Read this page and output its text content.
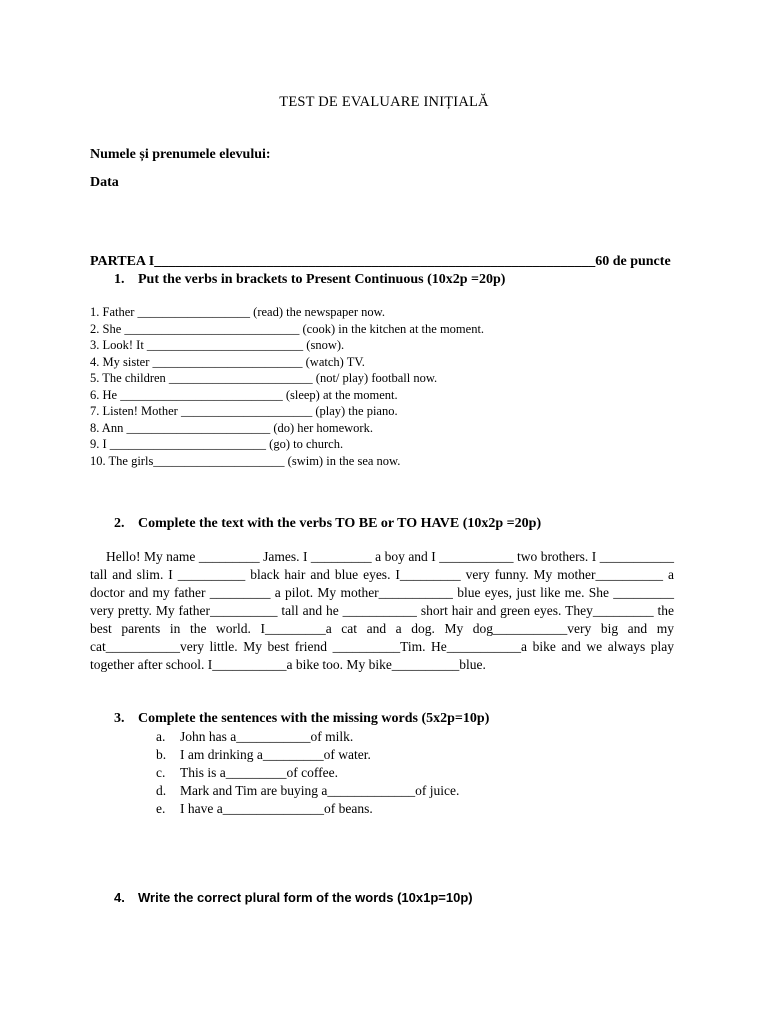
TEST DE EVALUARE INIȚIALĂ
Numele și prenumele elevului:
Data
PARTEA I_______________________________________________________________60 de puncte
1. Put the verbs in brackets to Present Continuous (10x2p =20p)
1. Father __________________ (read) the newspaper now.
2. She ____________________________ (cook) in the kitchen at the moment.
3. Look! It _________________________ (snow).
4. My sister ________________________ (watch) TV.
5. The children _______________________ (not/ play) football now.
6. He __________________________ (sleep) at the moment.
7. Listen! Mother _____________________ (play) the piano.
8. Ann _______________________ (do) her homework.
9. I _________________________ (go) to church.
10. The girls_____________________ (swim) in the sea now.
2. Complete the text with the verbs TO BE or TO HAVE (10x2p =20p)

Hello! My name _________ James. I _________ a boy and I ___________ two brothers. I ___________ tall and slim. I __________ black hair and blue eyes. I_________ very funny. My mother__________ a doctor and my father _________ a pilot. My mother___________ blue eyes, just like me. She _________ very pretty. My father__________ tall and he ___________ short hair and green eyes. They_________ the best parents in the world. I_________a cat and a dog. My dog___________very big and my cat___________very little. My best friend __________Tim. He___________a bike and we always play together after school. I___________a bike too. My bike__________blue.

3. Complete the sentences with the missing words (5x2p=10p)
a.	John has a___________of milk.
b.	I am drinking a_________of water.
c.	This is a_________of coffee.
d.	Mark and Tim are buying a_____________of juice.
e.	I have a_______________of beans.
4. Write the correct plural form of the words (10x1p=10p)
